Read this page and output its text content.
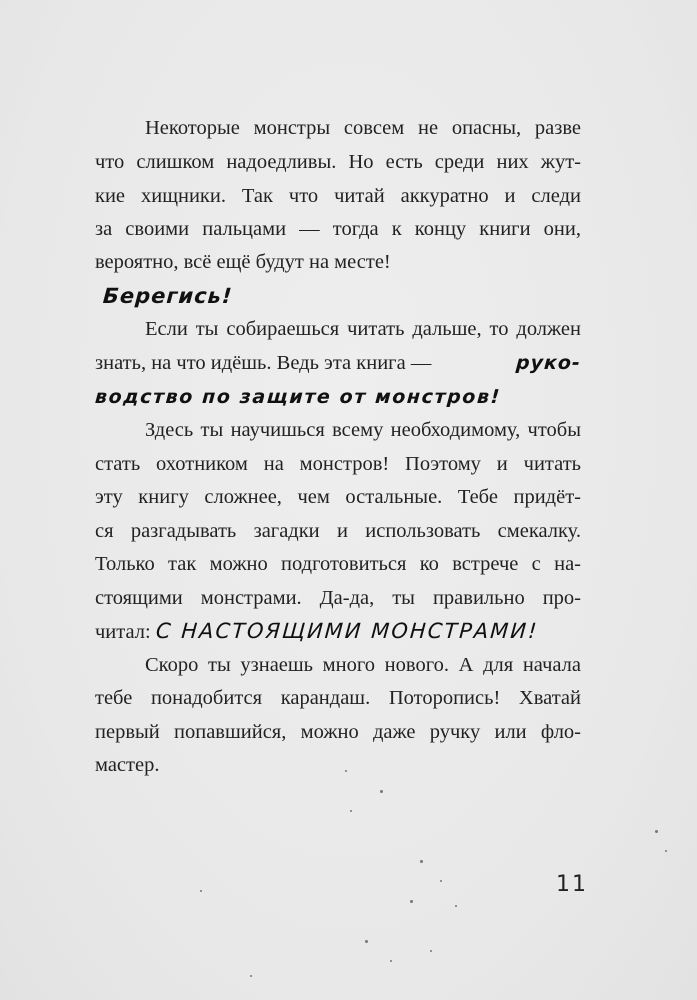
Некоторые монстры совсем не опасны, разве
что слишком надоедливы. Но есть среди них жут-
кие хищники. Так что читай аккуратно и следи
за своими пальцами — тогда к концу книги они,
вероятно, всё ещё будут на месте!
Берегись!
Если ты собираешься читать дальше, то должен
знать, на что идёшь. Ведь эта книга —	руко-
водство по защите от монстров!
Здесь ты научишься всему необходимому, чтобы
стать охотником на монстров! Поэтому и читать
эту книгу сложнее, чем остальные. Тебе придёт-
ся разгадывать загадки и использовать смекалку.
Только так можно подготовиться ко встрече с на-
стоящими монстрами. Да-да, ты правильно про-
читал: С НАСТОЯЩИМИ МОНСТРАМИ!
Скоро ты узнаешь много нового. А для начала
тебе понадобится карандаш. Поторопись! Хватай
первый попавшийся, можно даже ручку или фло-
мастер.
11
